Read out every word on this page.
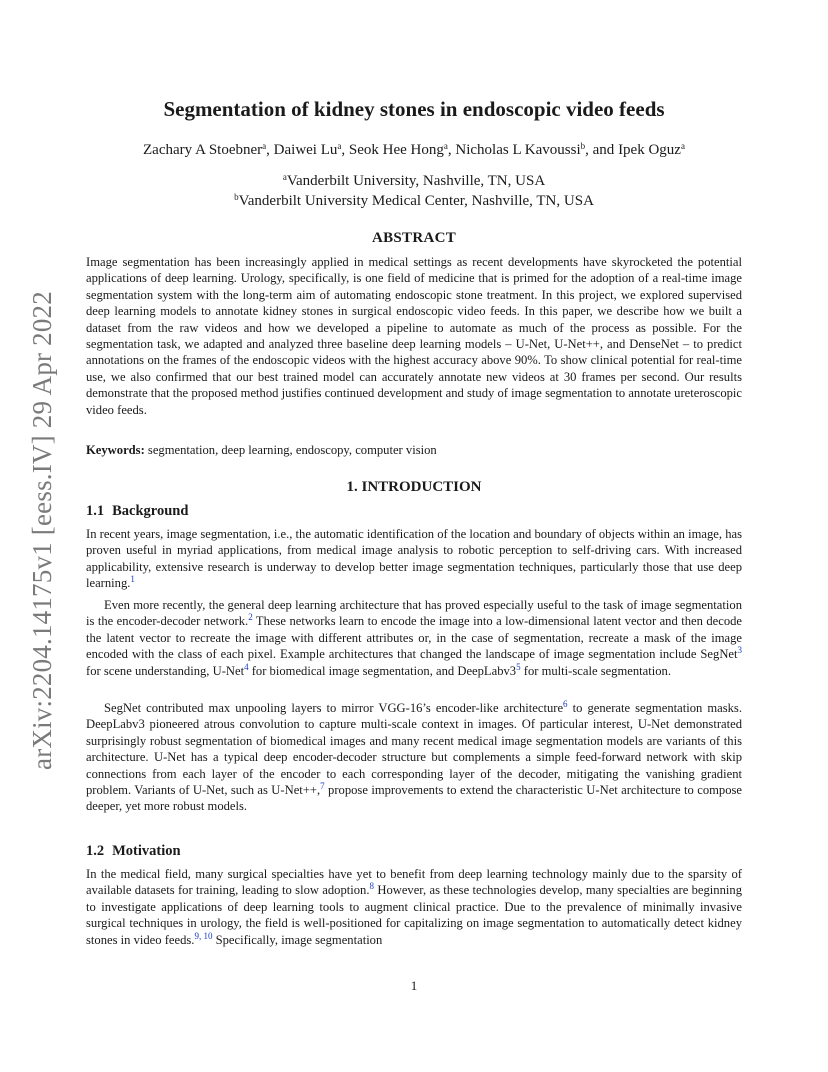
arXiv:2204.14175v1 [eess.IV] 29 Apr 2022
Segmentation of kidney stones in endoscopic video feeds

Zachary A Stoebner$^a$, Daiwei Lu$^a$, Seok Hee Hong$^a$, Nicholas L Kavoussi$^b$, and Ipek Oguz$^a$

$^a$Vanderbilt University, Nashville, TN, USA

$^b$Vanderbilt University Medical Center, Nashville, TN, USA

ABSTRACT

Image segmentation has been increasingly applied in medical settings as recent developments have skyrocketed the potential applications of deep learning. Urology, specifically, is one field of medicine that is primed for the adoption of a real-time image segmentation system with the long-term aim of automating endoscopic stone treatment. In this project, we explored supervised deep learning models to annotate kidney stones in surgical endoscopic video feeds. In this paper, we describe how we built a dataset from the raw videos and how we developed a pipeline to automate as much of the process as possible. For the segmentation task, we adapted and analyzed three baseline deep learning models – U-Net, U-Net++, and DenseNet – to predict annotations on the frames of the endoscopic videos with the highest accuracy above 90%. To show clinical potential for real-time use, we also confirmed that our best trained model can accurately annotate new videos at 30 frames per second. Our results demonstrate that the proposed method justifies continued development and study of image segmentation to annotate ureteroscopic video feeds.

Keywords: segmentation, deep learning, endoscopy, computer vision

1. INTRODUCTION
1.1 Background

In recent years, image segmentation, i.e., the automatic identification of the location and boundary of objects within an image, has proven useful in myriad applications, from medical image analysis to robotic perception to self-driving cars. With increased applicability, extensive research is underway to develop better image segmentation techniques, particularly those that use deep learning.$^1$

Even more recently, the general deep learning architecture that has proved especially useful to the task of image segmentation is the encoder-decoder network.$^2$ These networks learn to encode the image into a low-dimensional latent vector and then decode the latent vector to recreate the image with different attributes or, in the case of segmentation, recreate a mask of the image encoded with the class of each pixel. Example architectures that changed the landscape of image segmentation include SegNet$^3$ for scene understanding, U-Net$^4$ for biomedical image segmentation, and DeepLabv3$^5$ for multi-scale segmentation.

SegNet contributed max unpooling layers to mirror VGG-16’s encoder-like architecture$^6$ to generate segmentation masks. DeepLabv3 pioneered atrous convolution to capture multi-scale context in images. Of particular interest, U-Net demonstrated surprisingly robust segmentation of biomedical images and many recent medical image segmentation models are variants of this architecture. U-Net has a typical deep encoder-decoder structure but complements a simple feed-forward network with skip connections from each layer of the encoder to each corresponding layer of the decoder, mitigating the vanishing gradient problem. Variants of U-Net, such as U-Net++,$^7$ propose improvements to extend the characteristic U-Net architecture to compose deeper, yet more robust models.

1.2 Motivation

In the medical field, many surgical specialties have yet to benefit from deep learning technology mainly due to the sparsity of available datasets for training, leading to slow adoption.$^8$ However, as these technologies develop, many specialties are beginning to investigate applications of deep learning tools to augment clinical practice. Due to the prevalence of minimally invasive surgical techniques in urology, the field is well-positioned for capitalizing on image segmentation to automatically detect kidney stones in video feeds.$^{9, 10}$ Specifically, image segmentation

1
